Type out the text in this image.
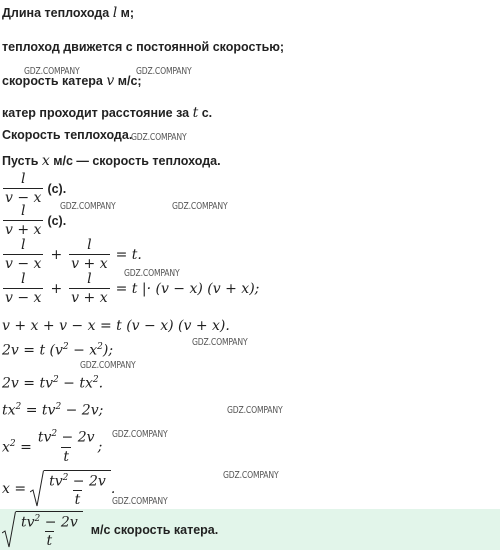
Длина теплохода l м;
теплоход движется с постоянной скоростью;
скорость катера v м/с;
катер проходит расстояние за t с.
Скорость теплохода.
Пусть x м/с — скорость теплохода.
$\frac{l}{v - x} (с)$.
$\frac{l}{v + x} (с)$.
$\frac{l}{v - x} + \frac{l}{v + x} = t$.
$\frac{l}{v - x} + \frac{l}{v + x} = t$ |· (v − x) (v + x);
v + x + v − x = t (v − x) (v + x).
2v = t $(v^2 - x^2)$;
$2v = tv^2 - tx^2$.
$tx^2 = tv^2 - 2v$;
$x^2 = \frac{tv^2 - 2v}{t}$ ;
$x = \frac{tv^2 - 2v}{t}$ .
$\frac{tv^2 - 2v}{t} м/с$ скорость катера.
GDZ.COMPANY	GDZ.COMPANY
GDZ.COMPANY
GDZ.COMPANY	GDZ.COMPANY
GDZ.COMPANY
GDZ.COMPANY
GDZ.COMPANY
GDZ.COMPANY
GDZ.COMPANY
GDZ.COMPANY
GDZ.COMPANY
